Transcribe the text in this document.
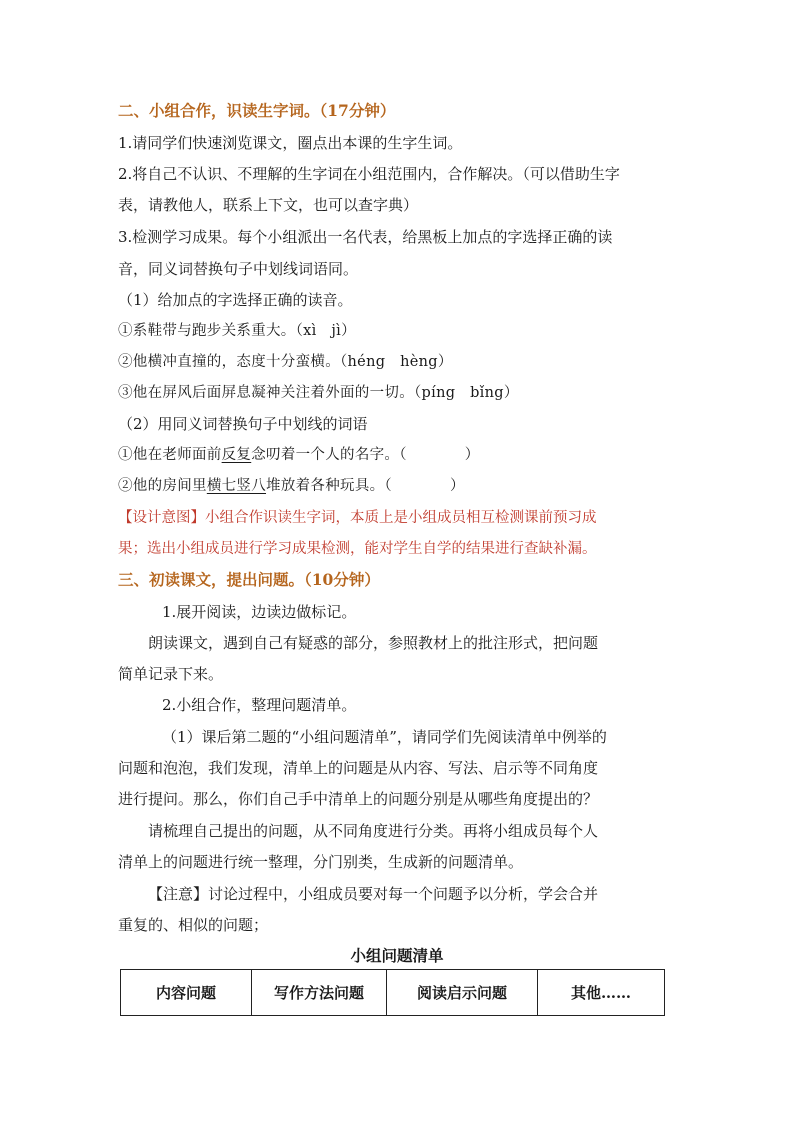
二、小组合作，识读生字词。（17分钟）
1.请同学们快速浏览课文，圈点出本课的生字生词。
2.将自己不认识、不理解的生字词在小组范围内，合作解决。（可以借助生字
表，请教他人，联系上下文，也可以查字典）
3.检测学习成果。每个小组派出一名代表，给黑板上加点的字选择正确的读
音，同义词替换句子中划线词语同。
（1）给加点的字选择正确的读音。
①系鞋带与跑步关系重大。（xì　jì）
②他横冲直撞的，态度十分蛮横。（héng　hèng）
③他在屏风后面屏息凝神关注着外面的一切。（píng　bǐng）
（2）用同义词替换句子中划线的词语
①他在老师面前反复念叨着一个人的名字。（	）
②他的房间里横七竖八堆放着各种玩具。（	）
【设计意图】小组合作识读生字词，本质上是小组成员相互检测课前预习成
果；选出小组成员进行学习成果检测，能对学生自学的结果进行查缺补漏。
三、初读课文，提出问题。（10分钟）
1.展开阅读，边读边做标记。
朗读课文，遇到自己有疑惑的部分，参照教材上的批注形式，把问题
简单记录下来。
2.小组合作，整理问题清单。
（1）课后第二题的“小组问题清单”，请同学们先阅读清单中例举的
问题和泡泡，我们发现，清单上的问题是从内容、写法、启示等不同角度
进行提问。那么，你们自己手中清单上的问题分别是从哪些角度提出的？
请梳理自己提出的问题，从不同角度进行分类。再将小组成员每个人
清单上的问题进行统一整理，分门别类，生成新的问题清单。
【注意】讨论过程中，小组成员要对每一个问题予以分析，学会合并
重复的、相似的问题；
小组问题清单
内容问题	写作方法问题	阅读启示问题	其他……
